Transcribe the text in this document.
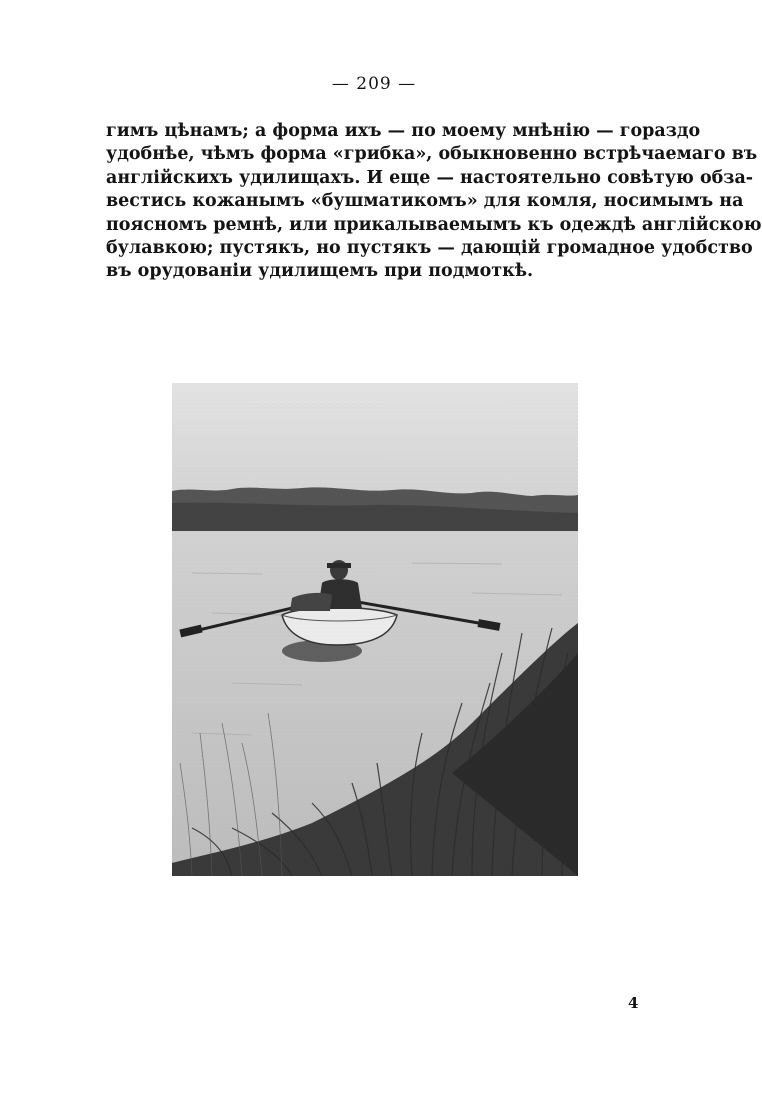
— 209 —
гимъ цѣнамъ; а форма ихъ — по моему мнѣнію — гораздо
удобнѣе, чѣмъ форма «грибка», обыкновенно встрѣчаемаго въ
англійскихъ удилищахъ. И еще — настоятельно совѣтую обза-
вестись кожанымъ «бушматикомъ» для комля, носимымъ на
поясномъ ремнѣ, или прикалываемымъ къ одеждѣ англійскою
булавкою; пустякъ, но пустякъ — дающій громадное удобство
въ орудованіи удилищемъ при подмоткѣ.
4
